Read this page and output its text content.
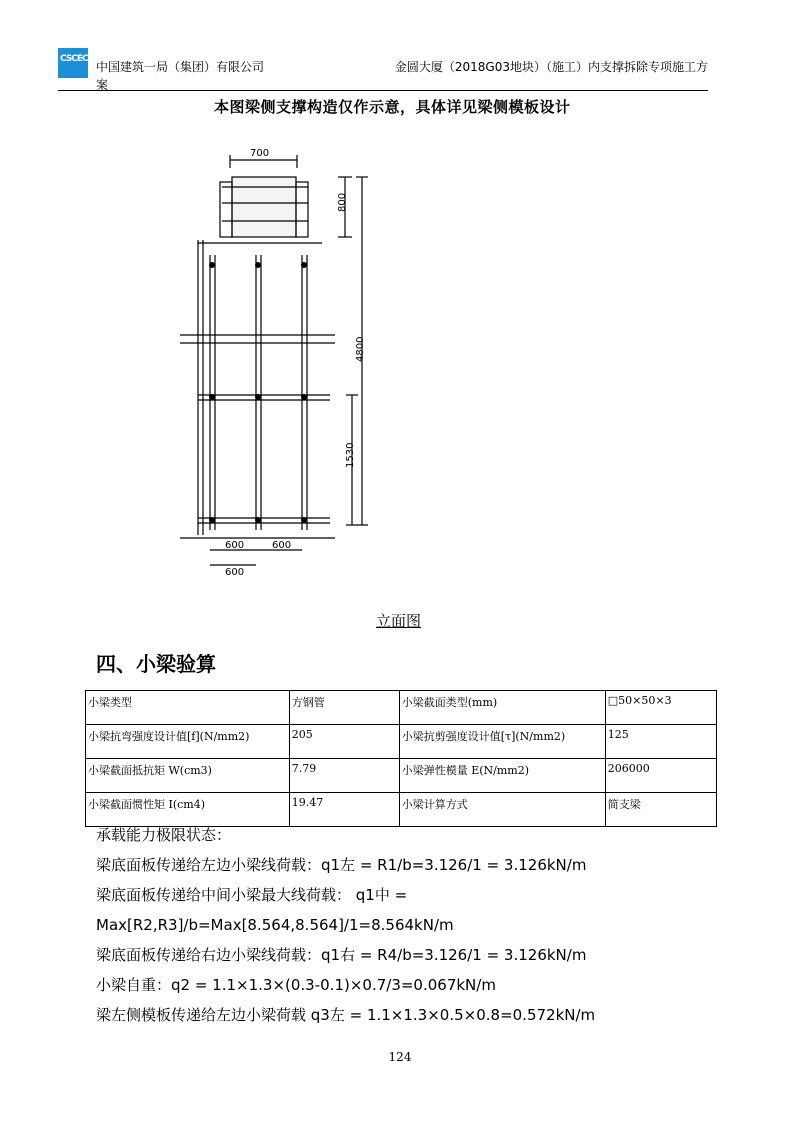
CSCEC
中国建筑一局（集团）有限公司
案
金圆大厦（2018G03地块）（施工）内支撑拆除专项施工方
本图梁侧支撑构造仅作示意，具体详见梁侧模板设计
700
800
4800
1530
600	600
600
立面图
四、小梁验算
小梁类型	方钢管	小梁截面类型(mm)	□50×50×3
小梁抗弯强度设计值[f](N/mm2)	205	小梁抗剪强度设计值[τ](N/mm2)	125
小梁截面抵抗矩 W(cm3)	7.79	小梁弹性模量 E(N/mm2)	206000
小梁截面惯性矩 I(cm4)	19.47	小梁计算方式	简支梁
承载能力极限状态：
梁底面板传递给左边小梁线荷载：q1左 = R1/b=3.126/1 = 3.126kN/m
梁底面板传递给中间小梁最大线荷载： q1中 = Max[R2,R3]/b=Max[8.564,8.564]/1=8.564kN/m
梁底面板传递给右边小梁线荷载：q1右 = R4/b=3.126/1 = 3.126kN/m
小梁自重：q2 = 1.1×1.3×(0.3-0.1)×0.7/3=0.067kN/m
梁左侧模板传递给左边小梁荷载 q3左 = 1.1×1.3×0.5×0.8=0.572kN/m
124
